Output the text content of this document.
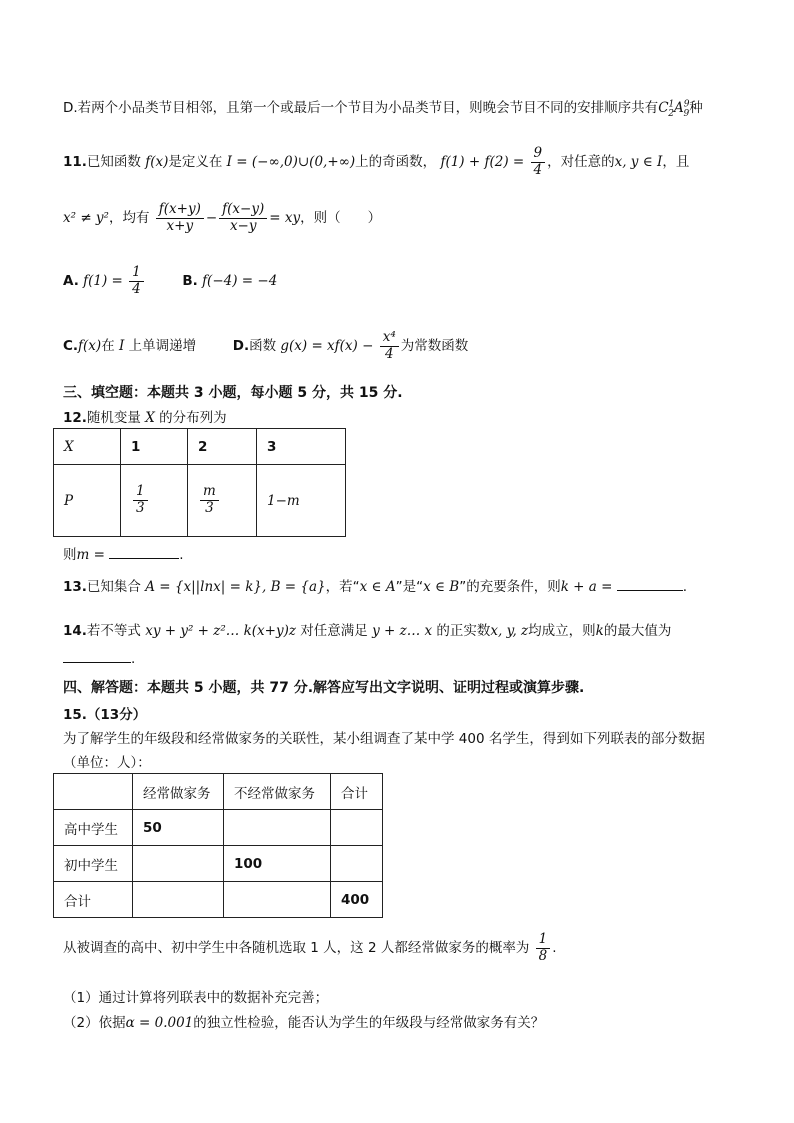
D.若两个小品类节目相邻，且第一个或最后一个节目为小品类节目，则晚会节目不同的安排顺序共有$C^1_2A^9_9$种
11.已知函数 f(x)是定义在 I = (−∞,0)∪(0,+∞)上的奇函数， $f(1) + f(2) = \frac{9}{4}$ ，对任意的x, y ∈ I，且
x² ≠ y²，均有 $\frac{f(x+y)}{x+y} - \frac{f(x-y)}{x-y}$ = xy，则（　　）
A. $f(1) = \frac{1}{4}$	B. f(−4) = −4
C.f(x)在 I 上单调递增	D.函数 $g(x) = xf(x) - \frac{\text{x⁴}}{4}$ 为常数函数
三、填空题：本题共 3 小题，每小题 5 分，共 15 分.
12.随机变量 X 的分布列为
X	1	2	3
P	$\frac{1}{3}$	$\frac{m}{3}$	1−m
则m =	.
13.已知集合 A = {x||lnx| = k}, B = {a}，若“x ∈ A”是“x ∈ B”的充要条件，则k + a =	.
14.若不等式 xy + y² + z²… k(x+y)z 对任意满足 y + z… x 的正实数x, y, z均成立，则k的最大值为
.
四、解答题：本题共 5 小题，共 77 分.解答应写出文字说明、证明过程或演算步骤.
15.（13分）
为了解学生的年级段和经常做家务的关联性，某小组调查了某中学 400 名学生，得到如下列联表的部分数据
（单位：人）：
	经常做家务	不经常做家务	合计
高中学生	50		
初中学生		100	
合计			400
从被调查的高中、初中学生中各随机选取 1 人，这 2 人都经常做家务的概率为 $\frac{1}{8}$ .
（1）通过计算将列联表中的数据补充完善；
（2）依据α = 0.001的独立性检验，能否认为学生的年级段与经常做家务有关？
